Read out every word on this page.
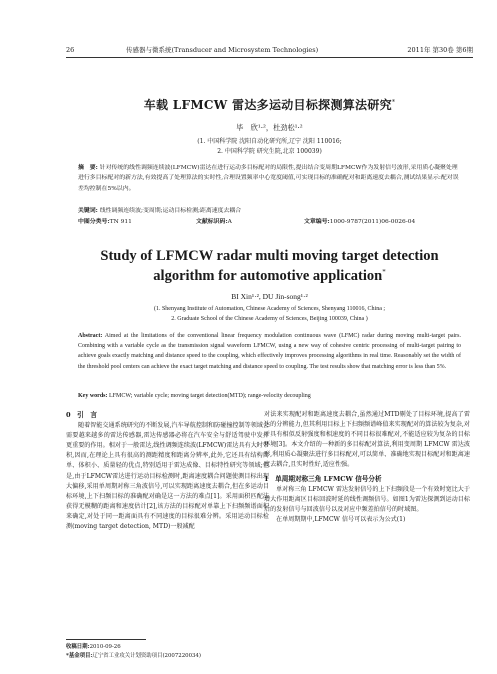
26	传感器与微系统(Transducer and Microsystem Technologies)	2011年 第30卷 第6期
车载 LFMCW 雷达多运动目标探测算法研究*
毕　欣¹·²，杜劲松¹·²
(1. 中国科学院 沈阳自动化研究所,辽宁 沈阳 110016;
2. 中国科学院 研究生院,北京 100039)
摘　要: 针对传统的线性调频连续波(LFMCW)雷达在进行运动多目标配对的局限性,提出结合变周期LFMCW作为发射信号波形,采用质心凝聚处理进行多目标配对的新方法,有效提高了处理算法的实时性,合理设置频率中心宽度阈值,可实现目标的准确配对和距离速度去耦合,测试结果显示:配对误差均控制在5%以内。
关键词: 线性调频连续波;变周期;运动目标检测;距离速度去耦合
中图分类号:TN 911	文献标识码:A	文章编号:1000-9787(2011)06-0026-04
Study of LFMCW radar multi moving target detection
algorithm for automotive application*
BI Xin¹·², DU Jin-song¹·²
(1. Shenyang Institute of Automation, Chinese Academy of Sciences, Shenyang 110016, China ;
2. Graduate School of the Chinese Academy of Sciences, Beijing 100039, China )
Abstract: Aimed at the limitations of the conventional linear frequency modulation continuous wave (LFMC) radar during moving multi-target pairs. Combining with a variable cycle as the transmission signal waveform LFMCW, using a new way of cohesive centric processing of multi-target pairing to achieve goals exactly matching and distance speed to the coupling, which effectively improves processing algorithms in real time. Reasonably set the width of the threshold pool centers can achieve the exact target matching and distance speed to coupling. The test results show that matching error is less than 5%.
Key words: LFMCW; variable cycle; moving target detection(MTD); range-velocity decoupling
0　引　言

随着智能交通系统研究的不断发展,汽车导航控制和防碰撞控制等领域会需要越来越多的雷达传感器,雷达传感器必将在汽车安全与舒适驾驶中发挥更重要的作用。相对于一般雷达,线性调频连续波(LFMCW)雷达具有大时带积,因而,在理论上具有很高的测距精度和距离分辨率,此外,它还具有结构简单、体积小、质量轻的优点,特别适用于雷达成像、目标特性研究等领域;但是,由于LFMCW雷达进行运动目标检测时,距离速度耦合问题使测目标出现大偏移,采用单周期对称三角波信号,可以实现距离速度去耦合,但在多运动目标环境,上下扫频目标的准确配对确是这一方法的难点[1]。采用面积匹配法获得无模糊的距离和速度估计[2],该方法的目标配对单靠上下扫频频谱面积来确定,对处于同一距离面具有不同速度的目标很难分辨。采用运动目标检测(moving target detection, MTD)一般减配

对法来实现配对和距离速度去耦合,虽然通过MTD剔处了目标环境,提高了雷达的分辨能力,但其利用目标上下扫频频谱峰值来实现配对的算法较为复杂,对于具有相似反射强度和相速度的不同目标很难配对,不能适应较为复杂的目标环境[3]。本文介绍的一种新的多目标配对算法,利用变周期 LFMCW 雷达波形,利用质心凝聚法进行多目标配对,可以简单、准确地实现目标配对和距离速度去耦合,且实时性好,适应性强。

1　单周期对称三角 LFMCW 信号分析

单对称三角 LFMCW 雷达发射信号的上下扫频段是一个有效时宽比大于增大作用距离区目标回波时延的线性调频信号。如图1为雷达探测到运动目标后的发射信号与回波信号以及对应中频差拍信号的时域图。

在单周期期中,LFMCW 信号可以表示为公式(1)

收稿日期:2010-09-26
*基金项目:辽宁省工业攻关计划资助项目(2007220034)
